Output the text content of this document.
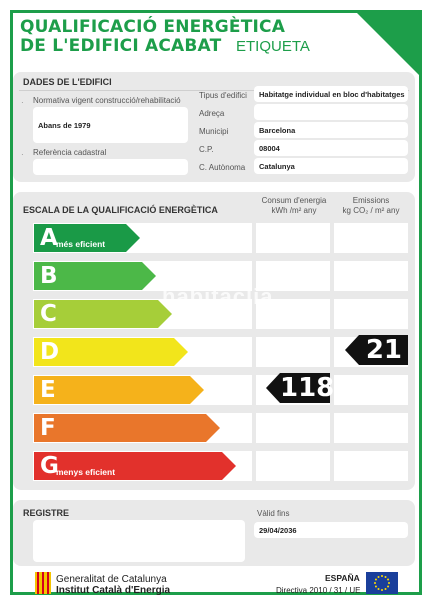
QUALIFICACIÓ ENERGÈTICA
DE L'EDIFICI ACABAT ETIQUETA
DADES DE L'EDIFICI
· Normativa vigent construcció/rehabilitació
Abans de 1979
· Referència cadastral
Tipus d'edifici	Habitatge individual en bloc d'habitatges
Adreça
Municipi	Barcelona
C.P.	08004
C. Autònoma	Catalunya
ESCALA DE LA QUALIFICACIÓ ENERGÈTICA
Consum d'energia
kWh /m² any
Emissions
kg CO₂ / m² any
A
més eficient
B
C
D
E
F
G
menys eficient
habitaclia
118
21
REGISTRE	Vàlid fins
29/04/2036
Generalitat de Catalunya
Institut Català d'Energia
ESPAÑA
Directiva 2010 / 31 / UE
